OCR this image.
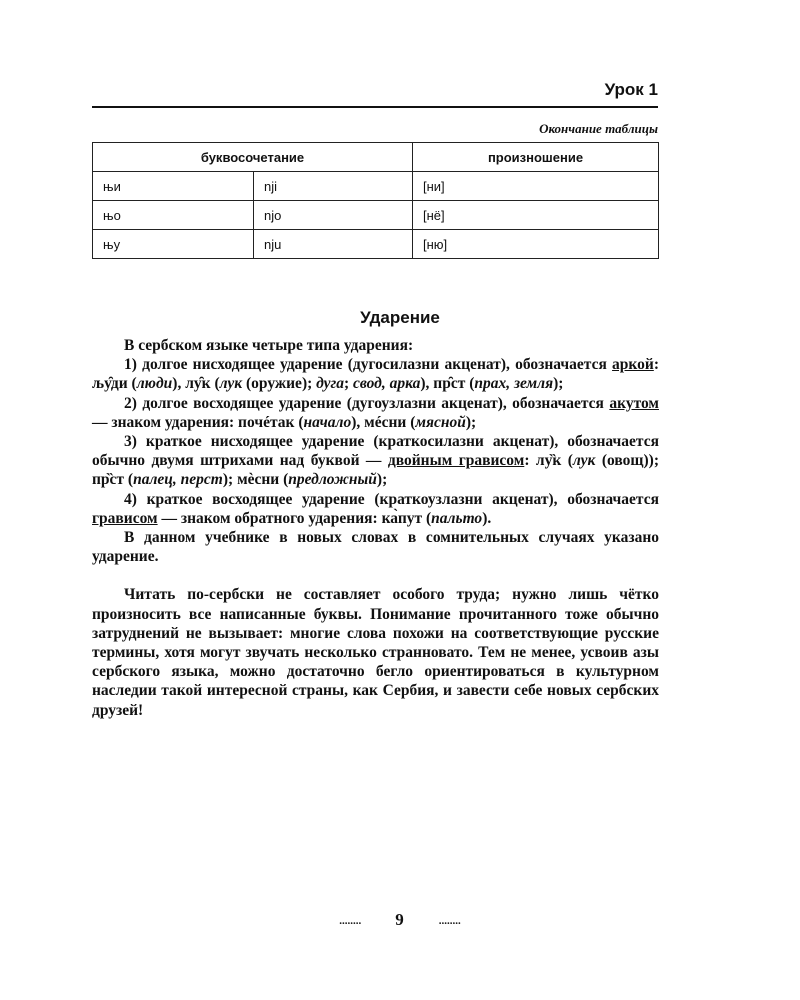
Урок 1
Окончание таблицы
буквосочетание		произношение
њи	nji	[ни]
њо	njo	[нё]
њу	nju	[ню]
Ударение

В сербском языке четыре типа ударения:

1) долгое нисходящее ударение (дугосилазни акценат), обозначается аркой: љу̑ди (люди), лу̑к (лук (оружие); дуга; свод, арка), пр̑ст (прах, земля);

2) долгое восходящее ударение (дугоузлазни акценат), обозначается акутом — знаком ударения: почéтак (начало), мéсни (мясной);

3) краткое нисходящее ударение (краткосилазни акценат), обозначается обычно двумя штрихами над буквой — двойным грависом: лу̏к (лук (овощ)); пр̏ст (палец, перст); мѐсни (предложный);

4) краткое восходящее ударение (краткоузлазни акценат), обозначается грависом — знаком обратного ударения: ка̀пут (пальто).

В данном учебнике в новых словах в сомнительных случаях указано ударение.

Читать по-сербски не составляет особого труда; нужно лишь чётко произносить все написанные буквы. Понимание прочитанного тоже обычно затруднений не вызывает: многие слова похожи на соответствующие русские термины, хотя могут звучать несколько странновато. Тем не менее, усвоив азы сербского языка, можно достаточно бегло ориентироваться в культурном наследии такой интересной страны, как Сербия, и завести себе новых сербских друзей!

........ 9	........
